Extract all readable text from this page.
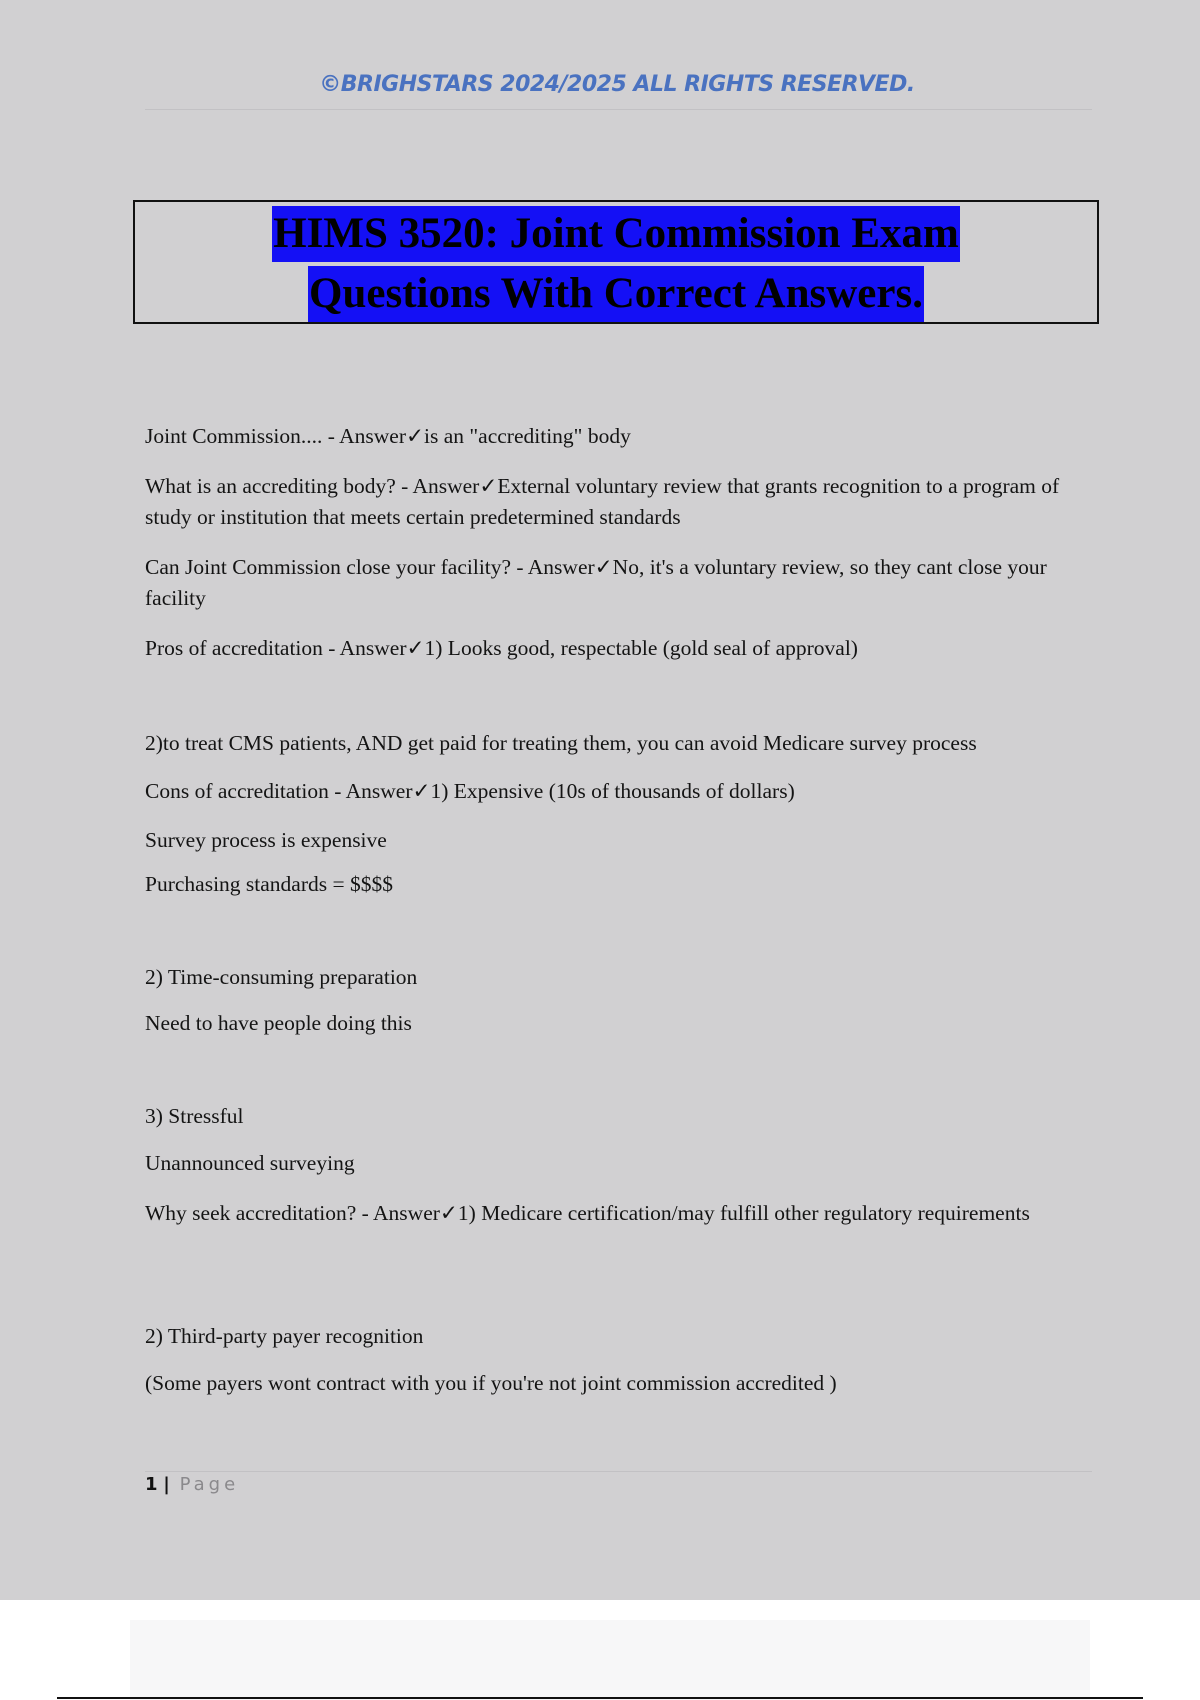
©BRIGHSTARS 2024/2025 ALL RIGHTS RESERVED.
HIMS 3520: Joint Commission Exam
Questions With Correct Answers.
Joint Commission.... - Answer✓is an "accrediting" body
What is an accrediting body? - Answer✓External voluntary review that grants recognition to a program of study or institution that meets certain predetermined standards
Can Joint Commission close your facility? - Answer✓No, it's a voluntary review, so they cant close your facility
Pros of accreditation - Answer✓1) Looks good, respectable (gold seal of approval)
2)to treat CMS patients, AND get paid for treating them, you can avoid Medicare survey process
Cons of accreditation - Answer✓1) Expensive (10s of thousands of dollars)
Survey process is expensive
Purchasing standards = $$$$
2) Time-consuming preparation
Need to have people doing this
3) Stressful
Unannounced surveying
Why seek accreditation? - Answer✓1) Medicare certification/may fulfill other regulatory requirements
2) Third-party payer recognition
(Some payers wont contract with you if you're not joint commission accredited )
1 | Page
